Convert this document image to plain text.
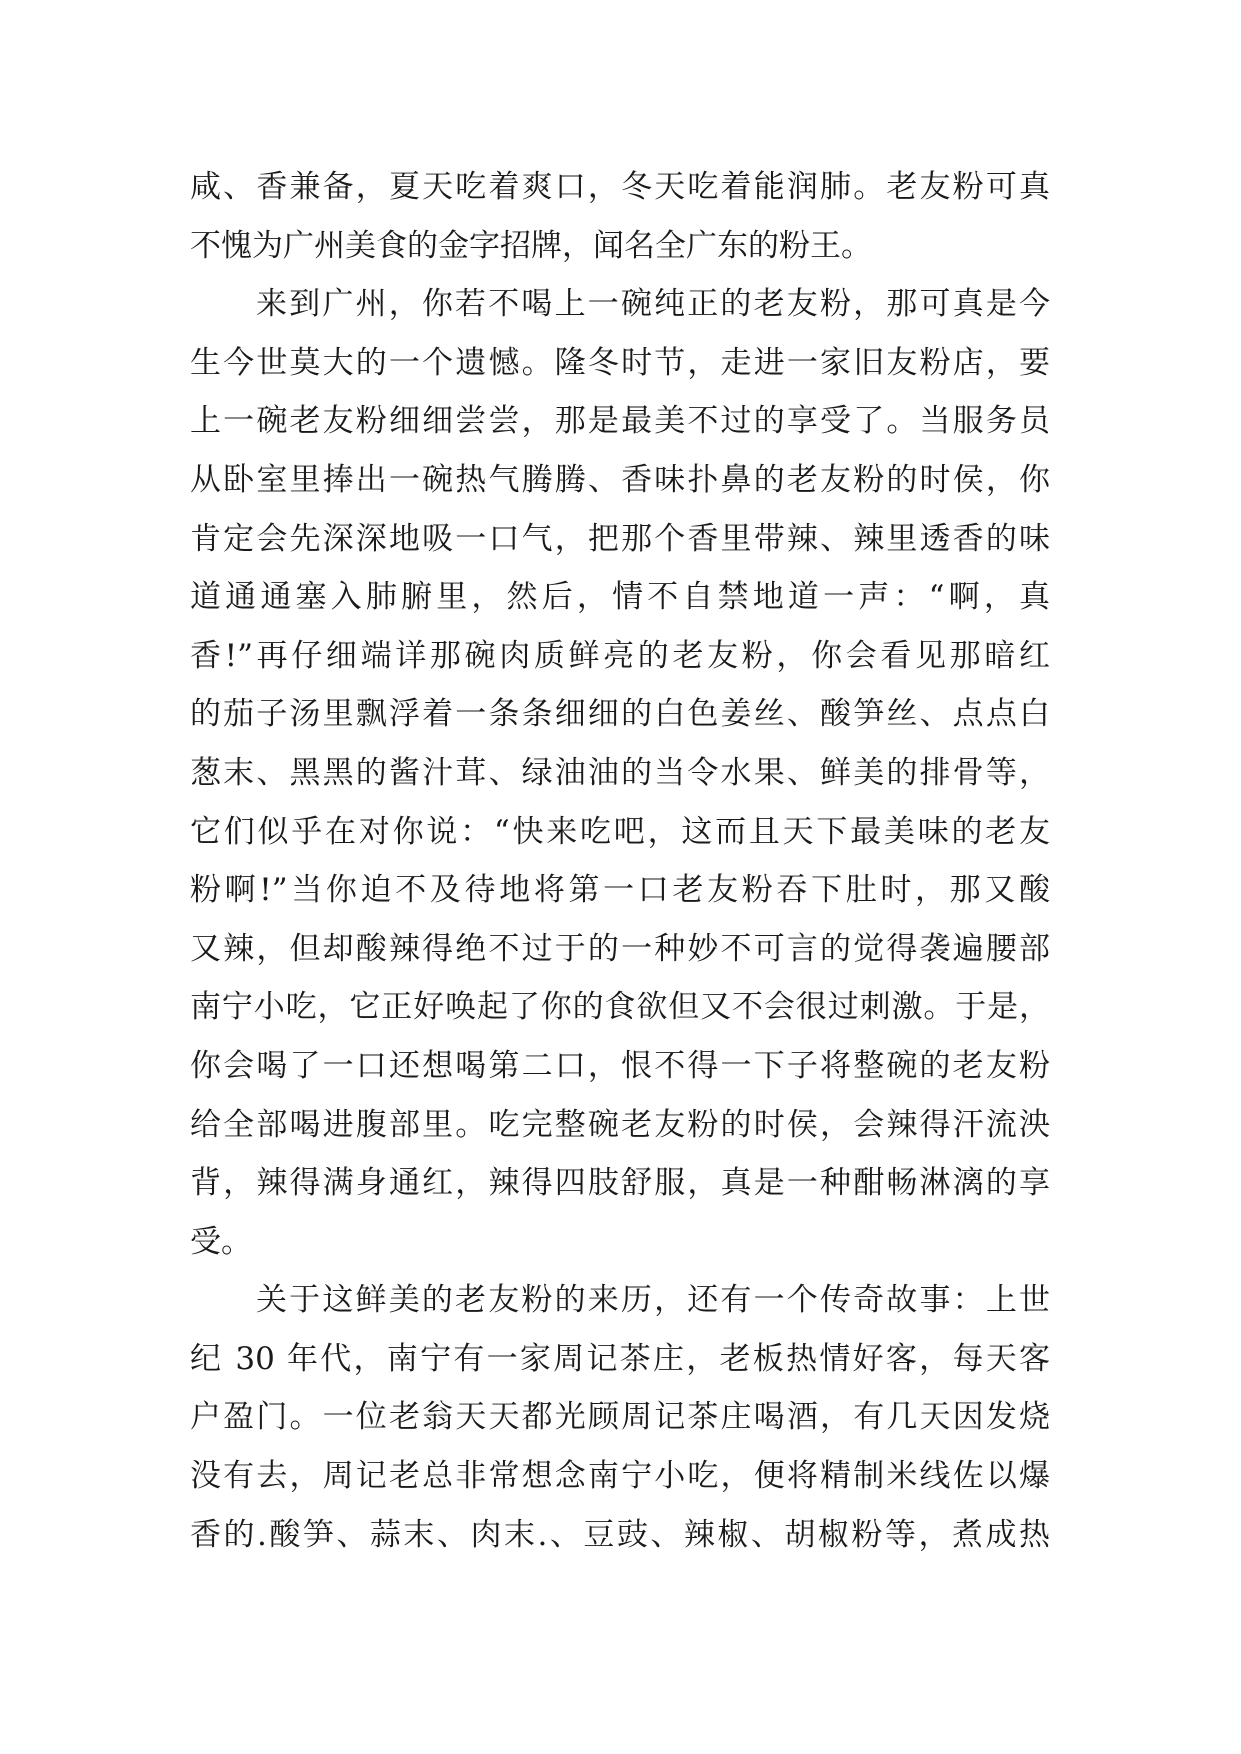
咸、香兼备，夏天吃着爽口，冬天吃着能润肺。老友粉可真
不愧为广州美食的金字招牌，闻名全广东的粉王。
来到广州，你若不喝上一碗纯正的老友粉，那可真是今
生今世莫大的一个遗憾。隆冬时节，走进一家旧友粉店，要
上一碗老友粉细细尝尝，那是最美不过的享受了。当服务员
从卧室里捧出一碗热气腾腾、香味扑鼻的老友粉的时侯，你
肯定会先深深地吸一口气，把那个香里带辣、辣里透香的味
道通通塞入肺腑里，然后，情不自禁地道一声：“啊，真
香!”再仔细端详那碗肉质鲜亮的老友粉，你会看见那暗红
的茄子汤里飘浮着一条条细细的白色姜丝、酸笋丝、点点白
葱末、黑黑的酱汁茸、绿油油的当令水果、鲜美的排骨等，
它们似乎在对你说：“快来吃吧，这而且天下最美味的老友
粉啊!”当你迫不及待地将第一口老友粉吞下肚时，那又酸
又辣，但却酸辣得绝不过于的一种妙不可言的觉得袭遍腰部
南宁小吃，它正好唤起了你的食欲但又不会很过刺激。于是，
你会喝了一口还想喝第二口，恨不得一下子将整碗的老友粉
给全部喝进腹部里。吃完整碗老友粉的时侯，会辣得汗流泱
背，辣得满身通红，辣得四肢舒服，真是一种酣畅淋漓的享
受。
关于这鲜美的老友粉的来历，还有一个传奇故事：上世
纪 30 年代，南宁有一家周记茶庄，老板热情好客，每天客
户盈门。一位老翁天天都光顾周记茶庄喝酒，有几天因发烧
没有去，周记老总非常想念南宁小吃，便将精制米线佐以爆
香的.酸笋、蒜末、肉末.、豆豉、辣椒、胡椒粉等，煮成热
